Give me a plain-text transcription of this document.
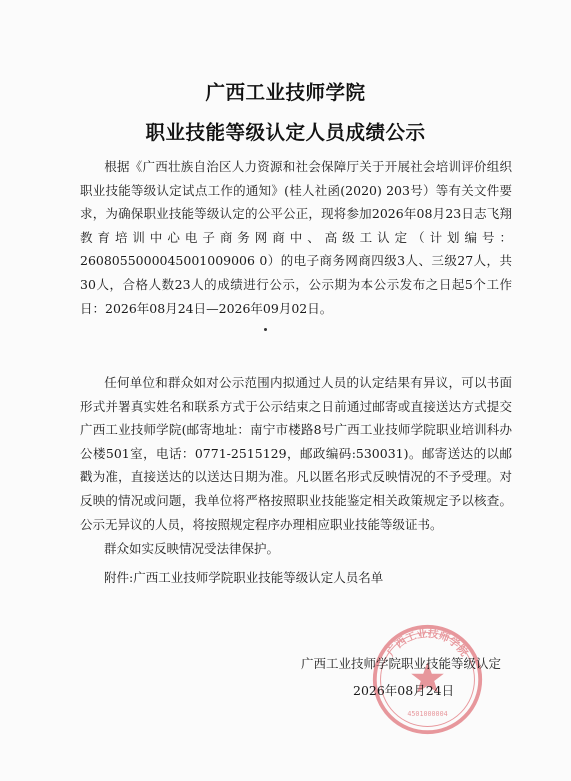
广西工业技师学院
职业技能等级认定人员成绩公示

根据《广西壮族自治区人力资源和社会保障厅关于开展社会培训评价组织职业技能等级认定试点工作的通知》(桂人社函(2020) 203号）等有关文件要求，为确保职业技能等级认定的公平公正，现将参加2026年08月23日志飞翔教育培训中心电子商务网商中、高级工认定（计划编号：2608055000045001009006 0）的电子商务网商四级3人、三级27人，共30人，合格人数23人的成绩进行公示，公示期为本公示发布之日起5个工作日：2026年08月24日—2026年09月02日。

任何单位和群众如对公示范围内拟通过人员的认定结果有异议，可以书面形式并署真实姓名和联系方式于公示结束之日前通过邮寄或直接送达方式提交广西工业技师学院(邮寄地址：南宁市楼路8号广西工业技师学院职业培训科办公楼501室，电话：0771-2515129，邮政编码:530031)。邮寄送达的以邮戳为准，直接送达的以送达日期为准。凡以匿名形式反映情况的不予受理。对反映的情况或问题，我单位将严格按照职业技能鉴定相关政策规定予以核查。公示无异议的人员，将按照规定程序办理相应职业技能等级证书。

群众如实反映情况受法律保护。

附件:广西工业技师学院职业技能等级认定人员名单

广西工业技师学院
4501000004
广西工业技师学院职业技能等级认定
2026年08月24日
